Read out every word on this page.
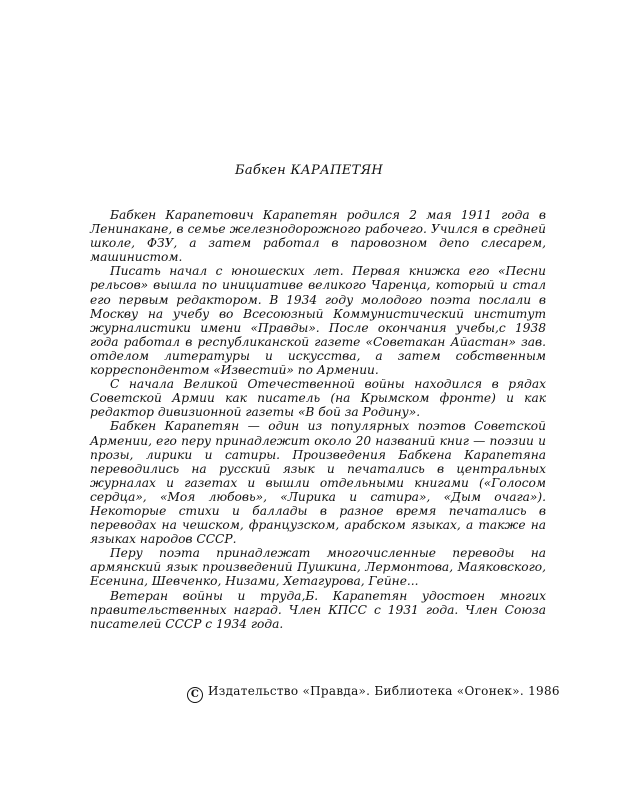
Бабкен КАРАПЕТЯН

Бабкен Карапетович Карапетян родился 2 мая 1911 года в Ленинакане, в семье железнодорожного рабочего. Учился в средней школе, ФЗУ, а затем работал в паровозном депо слесарем, машинистом.

Писать начал с юношеских лет. Первая книжка его «Песни рельсов» вышла по инициативе великого Чаренца, который и стал его первым редактором. В 1934 году молодого поэта послали в Москву на учебу во Всесоюзный Коммунистический институт журналистики имени «Правды». После окончания учебы,с 1938 года работал в республиканской газете «Советакан Айастан» зав. отделом литературы и искусства, а затем собственным корреспондентом «Известий» по Армении.

С начала Великой Отечественной войны находился в рядах Советской Армии как писатель (на Крымском фронте) и как редактор дивизионной газеты «В бой за Родину».

Бабкен Карапетян — один из популярных поэтов Советской Армении, его перу принадлежит около 20 названий книг — поэзии и прозы, лирики и сатиры. Произведения Бабкена Карапетяна переводились на русский язык и печатались в центральных журналах и газетах и вышли отдельными книгами («Голосом сердца», «Моя любовь», «Лирика и сатира», «Дым очага»). Некоторые стихи и баллады в разное время печатались в переводах на чешском, французском, арабском языках, а также на языках народов СССР.

Перу поэта принадлежат многочисленные переводы на армянский язык произведений Пушкина, Лермонтова, Маяковского, Есенина, Шевченко, Низами, Хетагурова, Гейне...

Ветеран войны и труда,Б. Карапетян удостоен многих правительственных наград. Член КПСС с 1931 года. Член Союза писателей СССР с 1934 года.

C Издательство «Правда». Библиотека «Огонек». 1986
